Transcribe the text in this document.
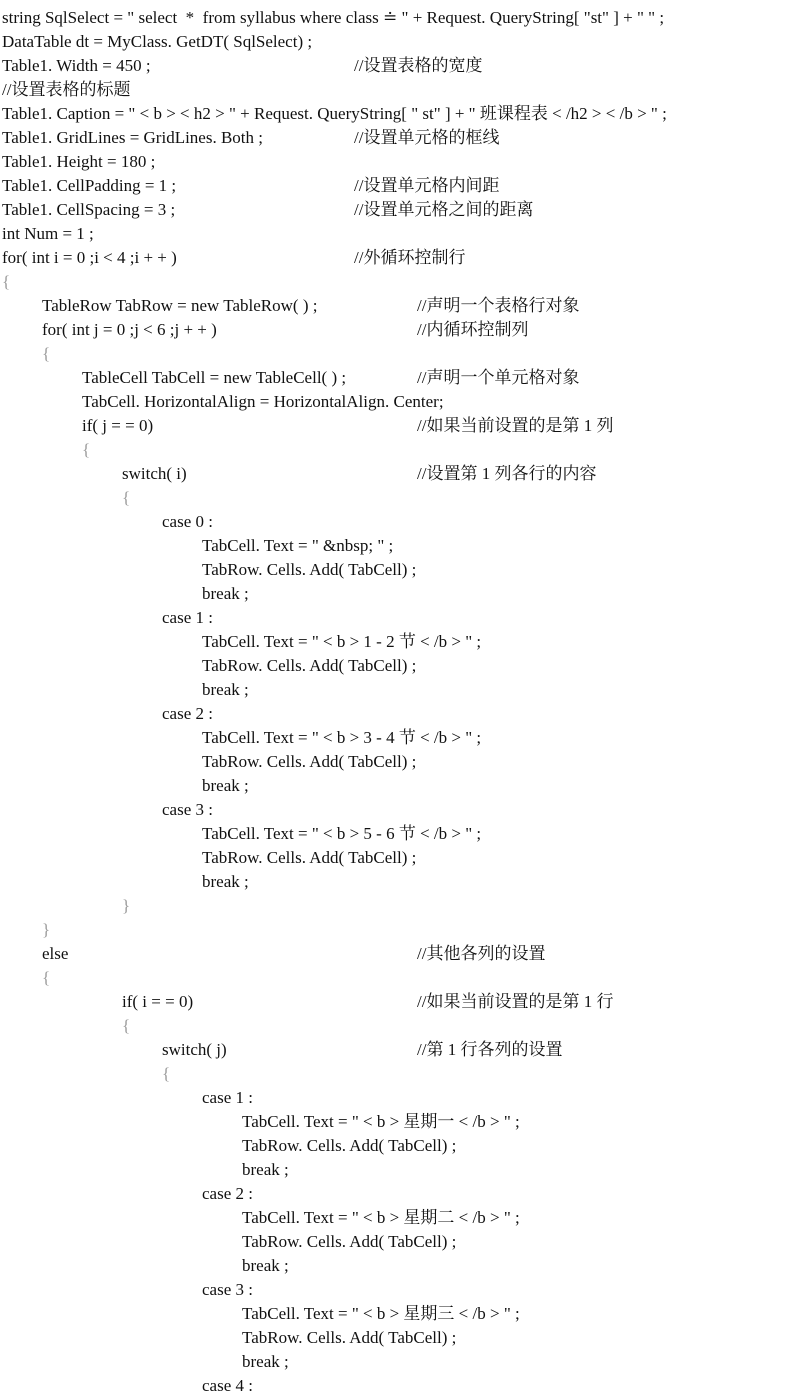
string SqlSelect = " select  *  from syllabus where class ≐ " + Request. QueryString[ "st" ] + " " ;
DataTable dt = MyClass. GetDT( SqlSelect) ;
Table1. Width = 450 ;	//设置表格的宽度
//设置表格的标题
Table1. Caption = " < b > < h2 > " + Request. QueryString[ " st" ] + " 班课程表 < /h2 > < /b > " ;
Table1. GridLines = GridLines. Both ;	//设置单元格的框线
Table1. Height = 180 ;
Table1. CellPadding = 1 ;	//设置单元格内间距
Table1. CellSpacing = 3 ;	//设置单元格之间的距离
int Num = 1 ;
for( int i = 0 ;i < 4 ;i + + )	//外循环控制行
{
TableRow TabRow = new TableRow( ) ;	//声明一个表格行对象
for( int j = 0 ;j < 6 ;j + + )	//内循环控制列
{
TableCell TabCell = new TableCell( ) ;	//声明一个单元格对象
TabCell. HorizontalAlign = HorizontalAlign. Center;
if( j = = 0)	//如果当前设置的是第 1 列
{
switch( i)	//设置第 1 列各行的内容
{
case 0 :
TabCell. Text = " &nbsp; " ;
TabRow. Cells. Add( TabCell) ;
break ;
case 1 :
TabCell. Text = " < b > 1 - 2 节 < /b > " ;
TabRow. Cells. Add( TabCell) ;
break ;
case 2 :
TabCell. Text = " < b > 3 - 4 节 < /b > " ;
TabRow. Cells. Add( TabCell) ;
break ;
case 3 :
TabCell. Text = " < b > 5 - 6 节 < /b > " ;
TabRow. Cells. Add( TabCell) ;
break ;
}
}
else	//其他各列的设置
{
if( i = = 0)	//如果当前设置的是第 1 行
{
switch( j)	//第 1 行各列的设置
{
case 1 :
TabCell. Text = " < b > 星期一 < /b > " ;
TabRow. Cells. Add( TabCell) ;
break ;
case 2 :
TabCell. Text = " < b > 星期二 < /b > " ;
TabRow. Cells. Add( TabCell) ;
break ;
case 3 :
TabCell. Text = " < b > 星期三 < /b > " ;
TabRow. Cells. Add( TabCell) ;
break ;
case 4 :
